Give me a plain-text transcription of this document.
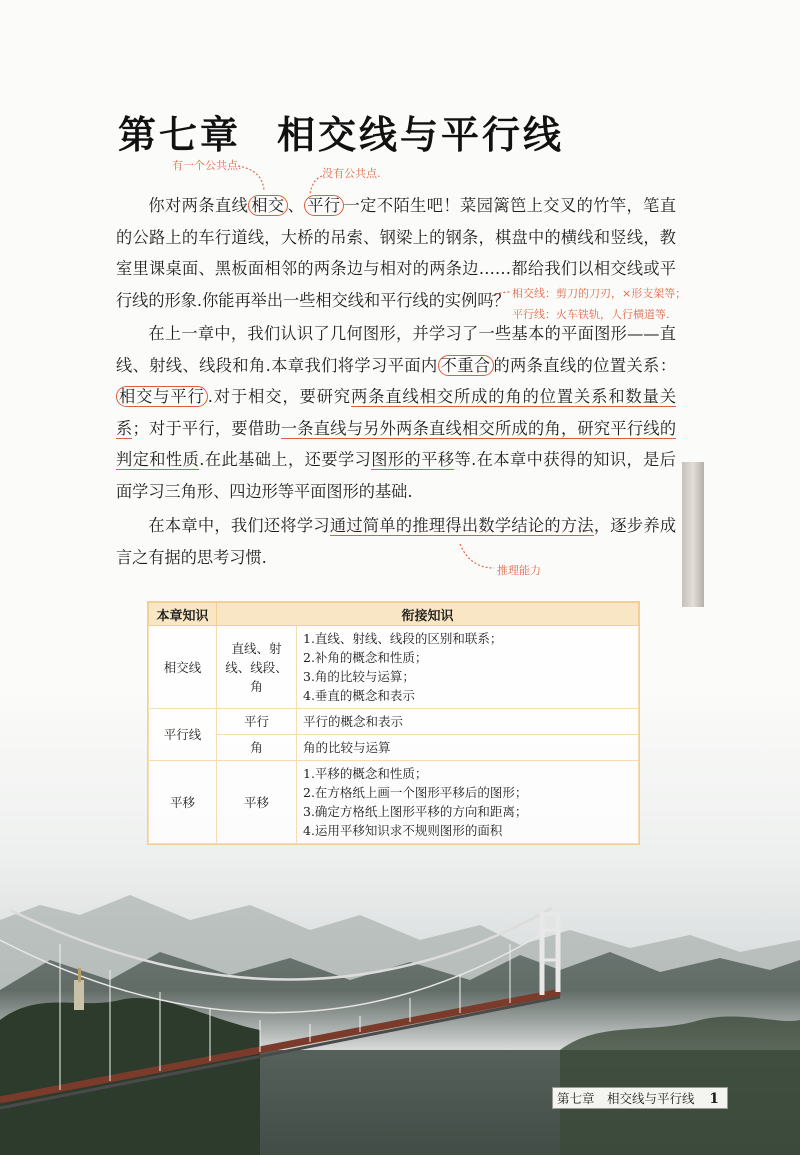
第七章 相交线与平行线
有一个公共点.
没有公共点.
相交线：剪刀的刀刃，×形支架等；
平行线：火车铁轨，人行横道等.
推理能力

你对两条直线 相交 、 平行 一定不陌生吧！菜园篱笆上交叉的竹竿，笔直的公路上的车行道线，大桥的吊索、钢梁上的钢条，棋盘中的横线和竖线，教室里课桌面、黑板面相邻的两条边与相对的两条边……都给我们以相交线或平行线的形象.你能再举出一些相交线和平行线的实例吗？

在上一章中，我们认识了几何图形，并学习了一些基本的平面图形——直线、射线、线段和角.本章我们将学习平面内 不重合 的两条直线的位置关系：相交与平行 .对于相交，要研究两条直线相交所成的角的位置关系和数量关系；对于平行，要借助一条直线与另外两条直线相交所成的角，研究平行线的判定和性质.在此基础上，还要学习图形的平移等.在本章中获得的知识，是后面学习三角形、四边形等平面图形的基础.

在本章中，我们还将学习通过简单的推理得出数学结论的方法，逐步养成言之有据的思考习惯.

本章知识	衔接知识	
相交线	直线、射线、线段、角	1.直线、射线、线段的区别和联系；
2.补角的概念和性质；
3.角的比较与运算；
4.垂直的概念和表示

平行线	平行	平行的概念和表示
	角	角的比较与运算
平移	平移	1.平移的概念和性质；
2.在方格纸上画一个图形平移后的图形；
3.确定方格纸上图形平移的方向和距离；
4.运用平移知识求不规则图形的面积
第七章　相交线与平行线 1
